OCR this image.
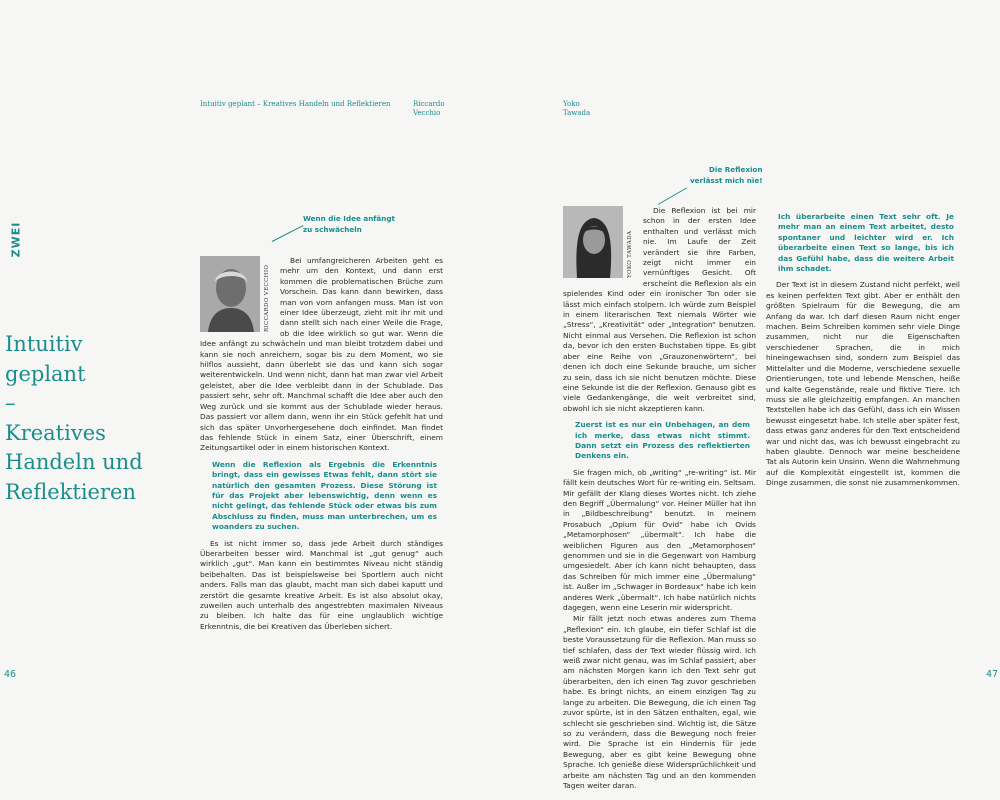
Intuitiv geplant – Kreatives Handeln und Reflektieren	Riccardo
Vecchio
Yoko
Tawada
ZWEI
Intuitiv
geplant
–
Kreatives
Handeln und
Reflektieren
46	47
Wenn die Idee anfängt
zu schwächeln
RICCARDO VECCHIO

Bei umfangreicheren Arbeiten geht es mehr um den Kontext, und dann erst kommen die problematischen Brüche zum Vorschein. Das kann dann bewirken, dass man von vorn anfangen muss. Man ist von einer Idee überzeugt, zieht mit ihr mit und dann stellt sich nach einer Weile die Frage, ob die Idee wirklich so gut war. Wenn die Idee anfängt zu schwächeln und man bleibt trotzdem dabei und kann sie noch anreichern, sogar bis zu dem Moment, wo sie hilflos aussieht, dann überlebt sie das und kann sich sogar weiterentwickeln. Und wenn nicht, dann hat man zwar viel Arbeit geleistet, aber die Idee verbleibt dann in der Schublade. Das passiert sehr, sehr oft. Manchmal schafft die Idee aber auch den Weg zurück und sie kommt aus der Schublade wieder heraus. Das passiert vor allem dann, wenn ihr ein Stück gefehlt hat und sich das später Unvorhergesehene doch einfindet. Man findet das fehlende Stück in einem Satz, einer Überschrift, einem Zeitungsartikel oder in einem historischen Kontext.

Wenn die Reflexion als Ergebnis die Erkenntnis bringt, dass ein gewisses Etwas fehlt, dann stört sie natürlich den gesamten Prozess. Diese Störung ist für das Projekt aber lebenswichtig, denn wenn es nicht gelingt, das fehlende Stück oder etwas bis zum Abschluss zu finden, muss man unterbrechen, um es woanders zu suchen.

Es ist nicht immer so, dass jede Arbeit durch ständiges Überarbeiten besser wird. Manchmal ist „gut genug“ auch wirklich „gut“. Man kann ein bestimmtes Niveau nicht ständig beibehalten. Das ist beispielsweise bei Sportlern auch nicht anders. Falls man das glaubt, macht man sich dabei kaputt und zerstört die gesamte kreative Arbeit. Es ist also absolut okay, zuweilen auch unterhalb des angestrebten maximalen Niveaus zu bleiben. Ich halte das für eine unglaublich wichtige Erkenntnis, die bei Kreativen das Überleben sichert.

Die Reflexion
verlässt mich nie!
YOKO TAWADA

Die Reflexion ist bei mir schon in der ersten Idee enthalten und verlässt mich nie. Im Laufe der Zeit verändert sie ihre Farben, zeigt nicht immer ein vernünftiges Gesicht. Oft erscheint die Reflexion als ein spielendes Kind oder ein ironischer Ton oder sie lässt mich einfach stolpern. Ich würde zum Beispiel in einem literarischen Text niemals Wörter wie „Stress“, „Kreativität“ oder „Integration“ benutzen. Nicht einmal aus Versehen. Die Reflexion ist schon da, bevor ich den ersten Buchstaben tippe. Es gibt aber eine Reihe von „Grauzonenwörtern“, bei denen ich doch eine Sekunde brauche, um sicher zu sein, dass ich sie nicht benutzen möchte. Diese eine Sekunde ist die der Reflexion. Genauso gibt es viele Gedankengänge, die weit verbreitet sind, obwohl ich sie nicht akzeptieren kann.

Zuerst ist es nur ein Unbehagen, an dem ich merke, dass etwas nicht stimmt. Dann setzt ein Prozess des reflektierten Denkens ein.

Sie fragen mich, ob „writing“ „re-writing“ ist. Mir fällt kein deutsches Wort für re-writing ein. Seltsam. Mir gefällt der Klang dieses Wortes nicht. Ich ziehe den Begriff „Übermalung“ vor. Heiner Müller hat ihn in „Bildbeschreibung“ benutzt. In meinem Prosabuch „Opium für Ovid“ habe ich Ovids „Metamorphosen“ „übermalt“. Ich habe die weiblichen Figuren aus den „Metamorphosen“ genommen und sie in die Gegenwart von Hamburg umgesiedelt. Aber ich kann nicht behaupten, dass das Schreiben für mich immer eine „Übermalung“ ist. Außer im „Schwager in Bordeaux“ habe ich kein anderes Werk „übermalt“. Ich habe natürlich nichts dagegen, wenn eine Leserin mir widerspricht.

Mir fällt jetzt noch etwas anderes zum Thema „Reflexion“ ein. Ich glaube, ein tiefer Schlaf ist die beste Voraussetzung für die Reflexion. Man muss so tief schlafen, dass der Text wieder flüssig wird. Ich weiß zwar nicht genau, was im Schlaf passiert, aber am nächsten Morgen kann ich den Text sehr gut überarbeiten, den ich einen Tag zuvor geschrieben habe. Es bringt nichts, an einem einzigen Tag zu lange zu arbeiten. Die Bewegung, die ich einen Tag zuvor spürte, ist in den Sätzen enthalten, egal, wie schlecht sie geschrieben sind. Wichtig ist, die Sätze so zu verändern, dass die Bewegung noch freier wird. Die Sprache ist ein Hindernis für jede Bewegung, aber es gibt keine Bewegung ohne Sprache. Ich genieße diese Widersprüchlichkeit und arbeite am nächsten Tag und an den kommenden Tagen weiter daran.

Ich überarbeite einen Text sehr oft. Je mehr man an einem Text arbeitet, desto spontaner und leichter wird er. Ich überarbeite einen Text so lange, bis ich das Gefühl habe, dass die weitere Arbeit ihm schadet.

Der Text ist in diesem Zustand nicht perfekt, weil es keinen perfekten Text gibt. Aber er enthält den größten Spielraum für die Bewegung, die am Anfang da war. Ich darf diesen Raum nicht enger machen. Beim Schreiben kommen sehr viele Dinge zusammen, nicht nur die Eigenschaften verschiedener Sprachen, die in mich hineingewachsen sind, sondern zum Beispiel das Mittelalter und die Moderne, verschiedene sexuelle Orientierungen, tote und lebende Menschen, heiße und kalte Gegenstände, reale und fiktive Tiere. Ich muss sie alle gleichzeitig empfangen. An manchen Textstellen habe ich das Gefühl, dass ich ein Wissen bewusst eingesetzt habe. Ich stelle aber später fest, dass etwas ganz anderes für den Text entscheidend war und nicht das, was ich bewusst eingebracht zu haben glaubte. Dennoch war meine bescheidene Tat als Autorin kein Unsinn. Wenn die Wahrnehmung auf die Komplexität eingestellt ist, kommen die Dinge zusammen, die sonst nie zusammenkommen.
